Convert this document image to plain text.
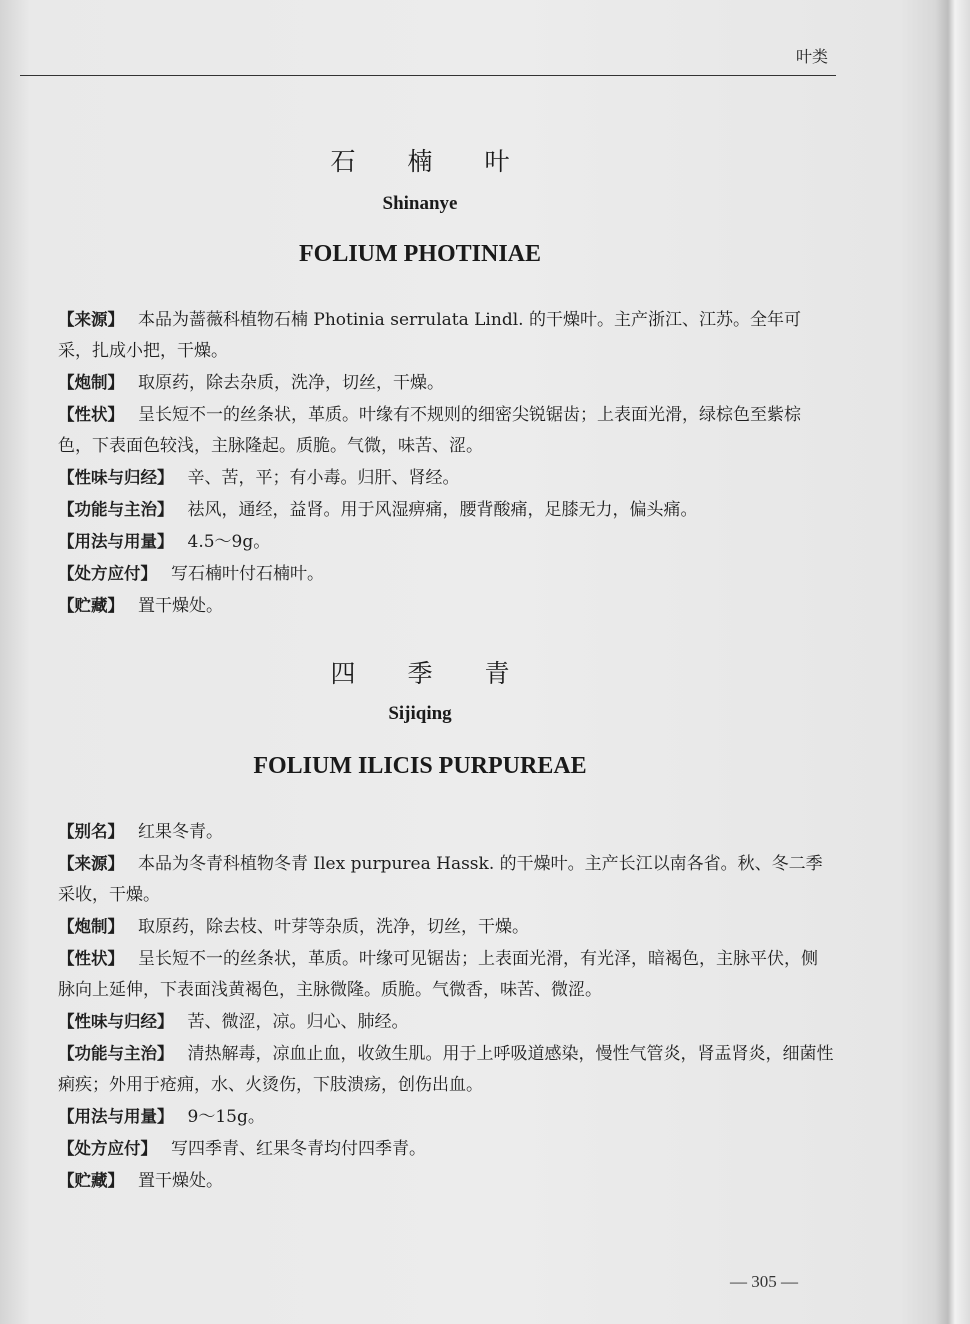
叶类
石楠叶
Shinanye
FOLIUM PHOTINIAE
【来源】 本品为蔷薇科植物石楠 Photinia serrulata Lindl. 的干燥叶。主产浙江、江苏。全年可采，扎成小把，干燥。
【炮制】 取原药，除去杂质，洗净，切丝，干燥。
【性状】 呈长短不一的丝条状，革质。叶缘有不规则的细密尖锐锯齿；上表面光滑，绿棕色至紫棕色，下表面色较浅，主脉隆起。质脆。气微，味苦、涩。
【性味与归经】 辛、苦，平；有小毒。归肝、肾经。
【功能与主治】 祛风，通经，益肾。用于风湿痹痛，腰背酸痛，足膝无力，偏头痛。
【用法与用量】 4.5～9g。
【处方应付】 写石楠叶付石楠叶。
【贮藏】 置干燥处。
四季青
Sijiqing
FOLIUM ILICIS PURPUREAE
【别名】 红果冬青。
【来源】 本品为冬青科植物冬青 Ilex purpurea Hassk. 的干燥叶。主产长江以南各省。秋、冬二季采收，干燥。
【炮制】 取原药，除去枝、叶芽等杂质，洗净，切丝，干燥。
【性状】 呈长短不一的丝条状，革质。叶缘可见锯齿；上表面光滑，有光泽，暗褐色，主脉平伏，侧脉向上延伸，下表面浅黄褐色，主脉微隆。质脆。气微香，味苦、微涩。
【性味与归经】 苦、微涩，凉。归心、肺经。
【功能与主治】 清热解毒，凉血止血，收敛生肌。用于上呼吸道感染，慢性气管炎，肾盂肾炎，细菌性痢疾；外用于疮痈，水、火烫伤，下肢溃疡，创伤出血。
【用法与用量】 9～15g。
【处方应付】 写四季青、红果冬青均付四季青。
【贮藏】 置干燥处。
— 305 —
